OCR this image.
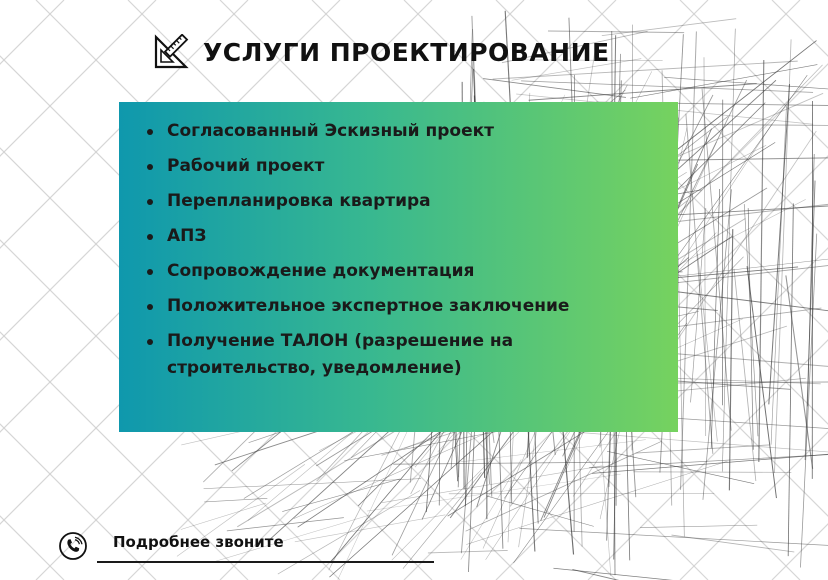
УСЛУГИ ПРОЕКТИРОВАНИЕ
Согласованный Эскизный проект
Рабочий проект
Перепланировка квартира
АПЗ
Сопровождение документация
Положительное экспертное заключение
Получение ТАЛОН (разрешение на строительство, уведомление)
Подробнее звоните
